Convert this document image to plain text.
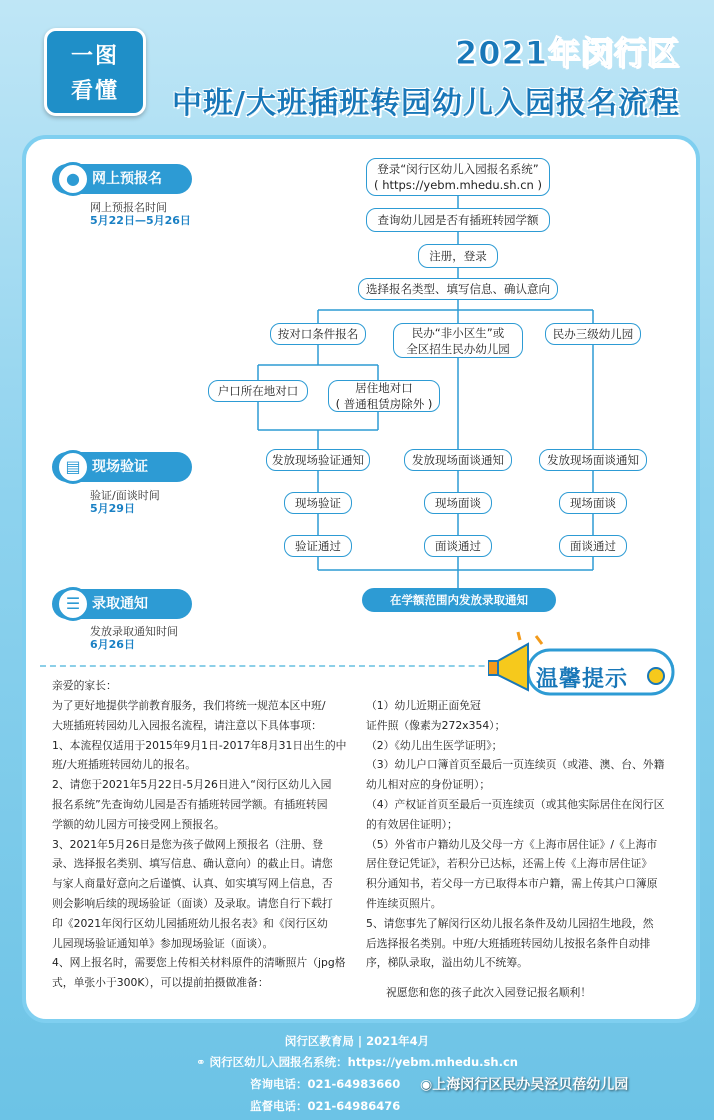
一图
看懂
2021年闵行区
中班/大班插班转园幼儿入园报名流程
网上预报名
●
网上预报名时间
5月22日—5月26日
现场验证
▤
验证/面谈时间
5月29日
录取通知
☰
发放录取通知时间
6月26日
登录“闵行区幼儿入园报名系统”
( https://yebm.mhedu.sh.cn )
查询幼儿园是否有插班转园学额
注册，登录
选择报名类型、填写信息、确认意向
按对口条件报名	民办“非小区生”或
全区招生民办幼儿园
民办三级幼儿园
户口所在地对口	居住地对口
( 普通租赁房除外 )
发放现场验证通知	发放现场面谈通知	发放现场面谈通知
现场验证	现场面谈	现场面谈
验证通过	面谈通过	面谈通过
在学额范围内发放录取通知
温馨提示
亲爱的家长：

为了更好地提供学前教育服务，我们将统一规范本区中班/

大班插班转园幼儿入园报名流程，请注意以下具体事项：

1、本流程仅适用于2015年9月1日-2017年8月31日出生的中

班/大班插班转园幼儿的报名。

2、请您于2021年5月22日-5月26日进入“闵行区幼儿入园

报名系统”先查询幼儿园是否有插班转园学额。有插班转园

学额的幼儿园方可接受网上预报名。

3、2021年5月26日是您为孩子做网上预报名（注册、登

录、选择报名类别、填写信息、确认意向）的截止日。请您

与家人商量好意向之后谨慎、认真、如实填写网上信息，否

则会影响后续的现场验证（面谈）及录取。请您自行下载打

印《2021年闵行区幼儿园插班幼儿报名表》和《闵行区幼

儿园现场验证通知单》参加现场验证（面谈）。

4、网上报名时，需要您上传相关材料原件的清晰照片（jpg格

式，单张小于300K），可以提前拍摄做准备：

（1）幼儿近期正面免冠

证件照（像素为272x354）；

（2）《幼儿出生医学证明》；

（3）幼儿户口簿首页至最后一页连续页（或港、澳、台、外籍

幼儿相对应的身份证明）；

（4）产权证首页至最后一页连续页（或其他实际居住在闵行区

的有效居住证明）；

（5）外省市户籍幼儿及父母一方《上海市居住证》/《上海市

居住登记凭证》，若积分已达标，还需上传《上海市居住证》

积分通知书，若父母一方已取得本市户籍，需上传其户口簿原

件连续页照片。

5、请您事先了解闵行区幼儿报名条件及幼儿园招生地段，然

后选择报名类别。中班/大班插班转园幼儿按报名条件自动排

序，梯队录取，溢出幼儿不统筹。

祝愿您和您的孩子此次入园登记报名顺利！
闵行区教育局 | 2021年4月
⚭ 闵行区幼儿入园报名系统：https://yebm.mhedu.sh.cn
咨询电话：021-64983660 ◉上海闵行区民办吴泾贝蓓幼儿园
监督电话：021-64986476
